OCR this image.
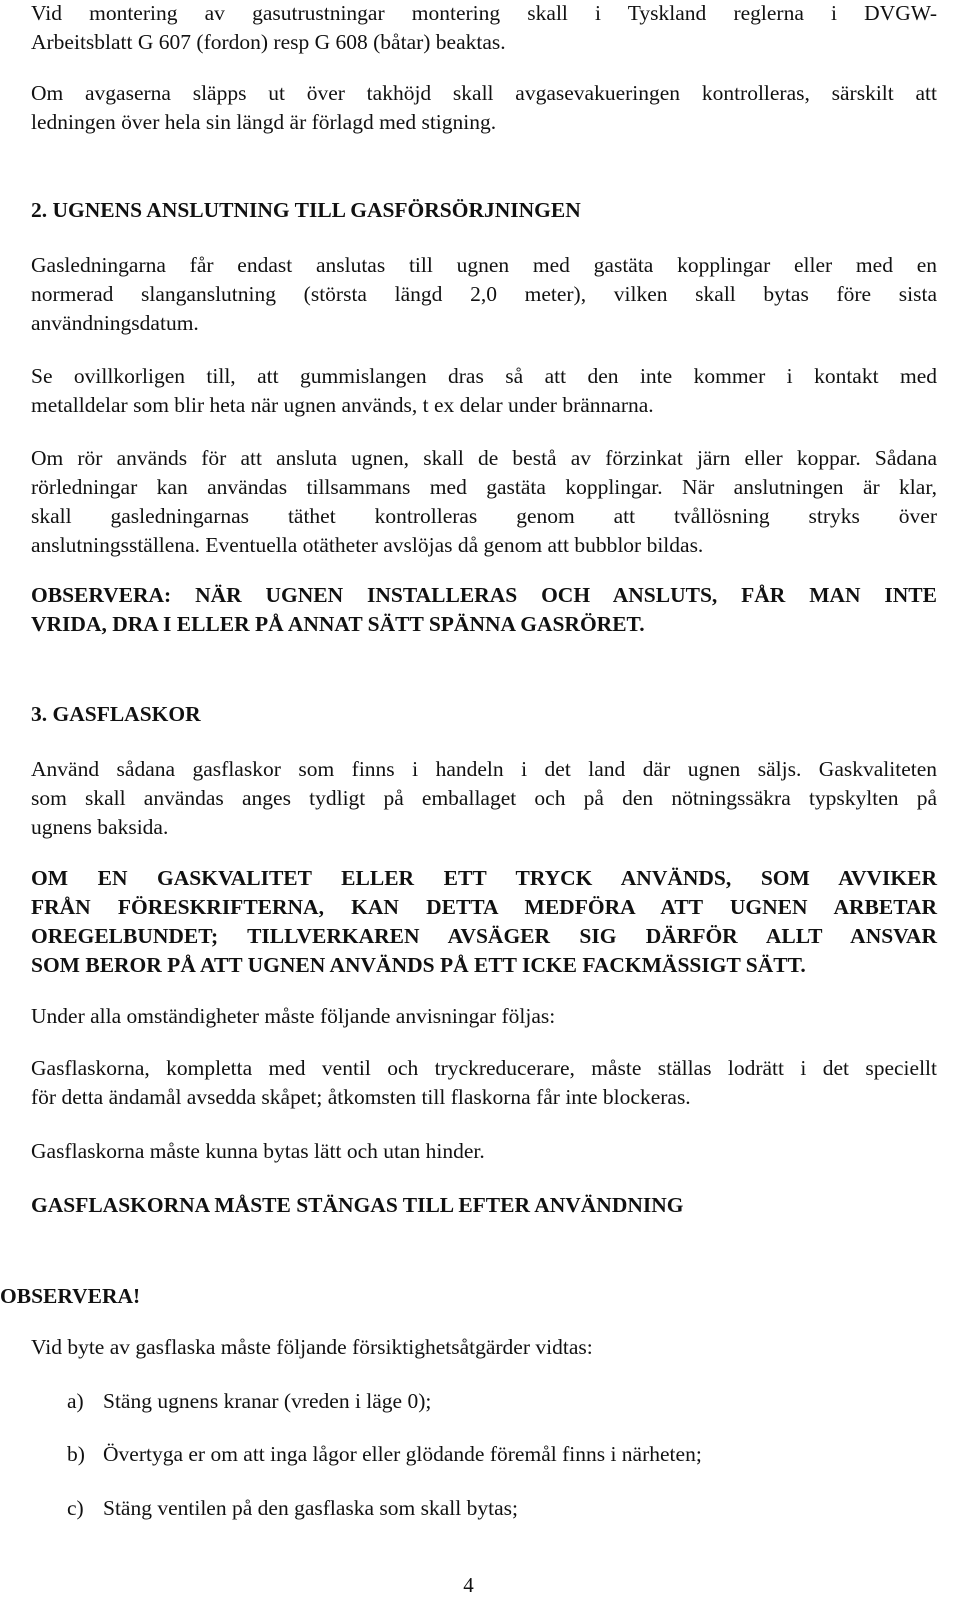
Vid montering av gasutrustningar montering skall i Tyskland reglerna i DVGW-
Arbeitsblatt G 607 (fordon) resp G 608 (båtar) beaktas.

Om avgaserna släpps ut över takhöjd skall avgasevakueringen kontrolleras, särskilt att
ledningen över hela sin längd är förlagd med stigning.

2. UGNENS ANSLUTNING TILL GASFÖRSÖRJNINGEN

Gasledningarna får endast anslutas till ugnen med gastäta kopplingar eller med en
normerad slanganslutning (största längd 2,0 meter), vilken skall bytas före sista
användningsdatum.

Se ovillkorligen till, att gummislangen dras så att den inte kommer i kontakt med
metalldelar som blir heta när ugnen används, t ex delar under brännarna.

Om rör används för att ansluta ugnen, skall de bestå av förzinkat järn eller koppar. Sådana
rörledningar kan användas tillsammans med gastäta kopplingar. När anslutningen är klar,
skall gasledningarnas täthet kontrolleras genom att tvållösning stryks över
anslutningsställena. Eventuella otätheter avslöjas då genom att bubblor bildas.

OBSERVERA: NÄR UGNEN INSTALLERAS OCH ANSLUTS, FÅR MAN INTE
VRIDA, DRA I ELLER PÅ ANNAT SÄTT SPÄNNA GASRÖRET.

3. GASFLASKOR

Använd sådana gasflaskor som finns i handeln i det land där ugnen säljs. Gaskvaliteten
som skall användas anges tydligt på emballaget och på den nötningssäkra typskylten på
ugnens baksida.

OM EN GASKVALITET ELLER ETT TRYCK ANVÄNDS, SOM AVVIKER
FRÅN FÖRESKRIFTERNA, KAN DETTA MEDFÖRA ATT UGNEN ARBETAR
OREGELBUNDET; TILLVERKAREN AVSÄGER SIG DÄRFÖR ALLT ANSVAR
SOM BEROR PÅ ATT UGNEN ANVÄNDS PÅ ETT ICKE FACKMÄSSIGT SÄTT.

Under alla omständigheter måste följande anvisningar följas:

Gasflaskorna, kompletta med ventil och tryckreducerare, måste ställas lodrätt i det speciellt
för detta ändamål avsedda skåpet; åtkomsten till flaskorna får inte blockeras.

Gasflaskorna måste kunna bytas lätt och utan hinder.

GASFLASKORNA MÅSTE STÄNGAS TILL EFTER ANVÄNDNING

OBSERVERA!

Vid byte av gasflaska måste följande försiktighetsåtgärder vidtas:

a) Stäng ugnens kranar (vreden i läge 0);

b) Övertyga er om att inga lågor eller glödande föremål finns i närheten;

c) Stäng ventilen på den gasflaska som skall bytas;

4
